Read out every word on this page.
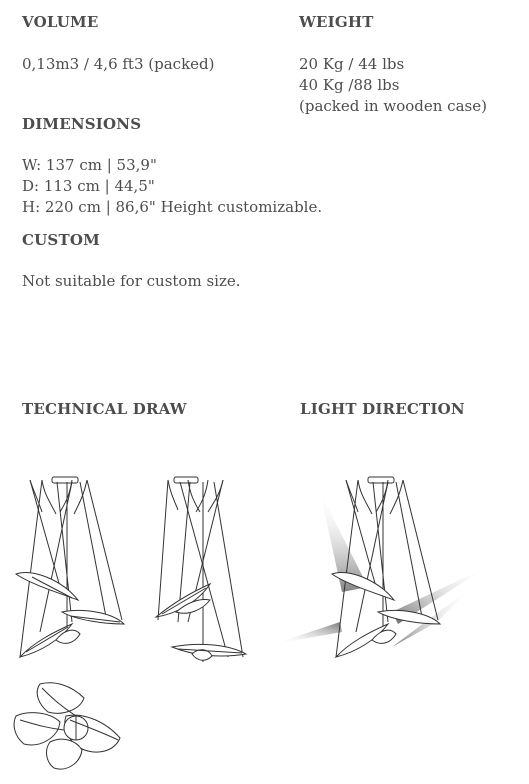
VOLUME

0,13m3 / 4,6 ft3 (packed)

WEIGHT
20 Kg / 44 lbs
40 Kg /88 lbs
(packed in wooden case)
DIMENSIONS
W: 137 cm | 53,9"
D: 113 cm | 44,5"
H: 220 cm | 86,6" Height customizable.
CUSTOM

Not suitable for custom size.

TECHNICAL DRAW	LIGHT DIRECTION
